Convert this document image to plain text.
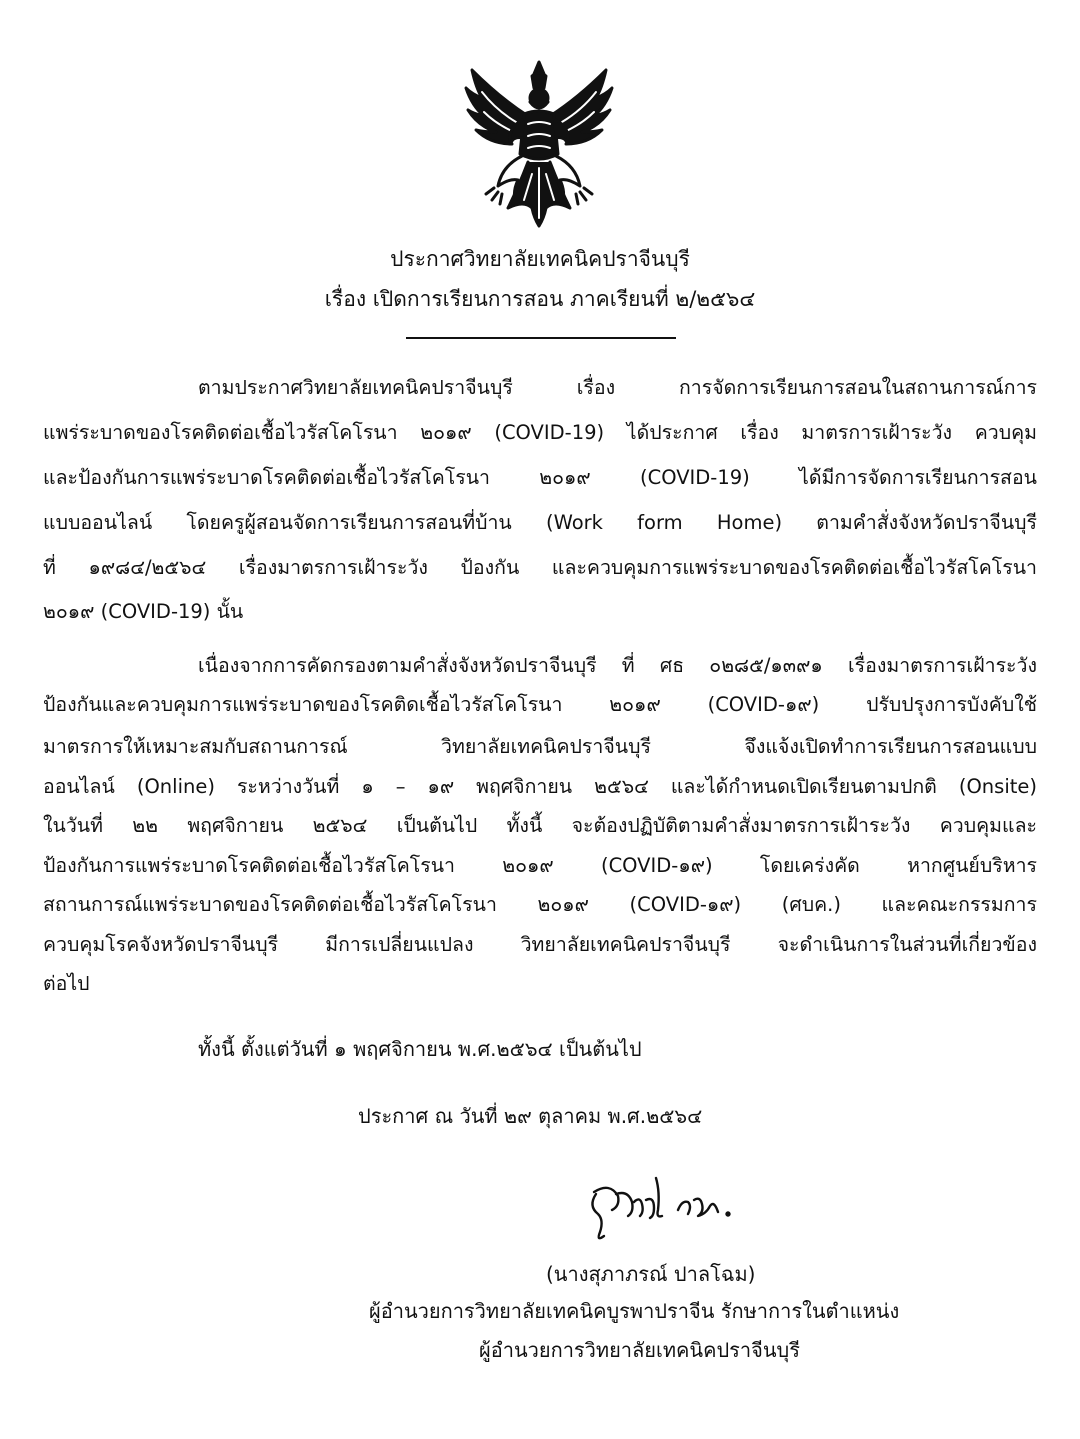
ประกาศวิทยาลัยเทคนิคปราจีนบุรี
เรื่อง เปิดการเรียนการสอน ภาคเรียนที่ ๒/๒๕๖๔
ตามประกาศวิทยาลัยเทคนิคปราจีนบุรี เรื่อง การจัดการเรียนการสอนในสถานการณ์การ
แพร่ระบาดของโรคติดต่อเชื้อไวรัสโคโรนา ๒๐๑๙ (COVID-19) ได้ประกาศ เรื่อง มาตรการเฝ้าระวัง ควบคุม
และป้องกันการแพร่ระบาดโรคติดต่อเชื้อไวรัสโคโรนา ๒๐๑๙ (COVID-19) ได้มีการจัดการเรียนการสอน
แบบออนไลน์ โดยครูผู้สอนจัดการเรียนการสอนที่บ้าน (Work form Home) ตามคำสั่งจังหวัดปราจีนบุรี
ที่ ๑๙๘๔/๒๕๖๔ เรื่องมาตรการเฝ้าระวัง ป้องกัน และควบคุมการแพร่ระบาดของโรคติดต่อเชื้อไวรัสโคโรนา
๒๐๑๙ (COVID-19) นั้น
เนื่องจากการคัดกรองตามคำสั่งจังหวัดปราจีนบุรี ที่ ศธ ๐๒๘๕/๑๓๙๑ เรื่องมาตรการเฝ้าระวัง
ป้องกันและควบคุมการแพร่ระบาดของโรคติดเชื้อไวรัสโคโรนา ๒๐๑๙ (COVID-๑๙) ปรับปรุงการบังคับใช้
มาตรการให้เหมาะสมกับสถานการณ์ วิทยาลัยเทคนิคปราจีนบุรี จึงแจ้งเปิดทำการเรียนการสอนแบบ
ออนไลน์ (Online) ระหว่างวันที่ ๑ – ๑๙ พฤศจิกายน ๒๕๖๔ และได้กำหนดเปิดเรียนตามปกติ (Onsite)
ในวันที่ ๒๒ พฤศจิกายน ๒๕๖๔ เป็นต้นไป ทั้งนี้ จะต้องปฏิบัติตามคำสั่งมาตรการเฝ้าระวัง ควบคุมและ
ป้องกันการแพร่ระบาดโรคติดต่อเชื้อไวรัสโคโรนา ๒๐๑๙ (COVID-๑๙) โดยเคร่งคัด หากศูนย์บริหาร
สถานการณ์แพร่ระบาดของโรคติดต่อเชื้อไวรัสโคโรนา ๒๐๑๙ (COVID-๑๙) (ศบค.) และคณะกรรมการ
ควบคุมโรคจังหวัดปราจีนบุรี มีการเปลี่ยนแปลง วิทยาลัยเทคนิคปราจีนบุรี จะดำเนินการในส่วนที่เกี่ยวข้อง
ต่อไป
ทั้งนี้ ตั้งแต่วันที่ ๑ พฤศจิกายน พ.ศ.๒๕๖๔ เป็นต้นไป
ประกาศ ณ วันที่ ๒๙ ตุลาคม พ.ศ.๒๕๖๔
(นางสุภาภรณ์ ปาลโฉม)
ผู้อำนวยการวิทยาลัยเทคนิคบูรพาปราจีน รักษาการในตำแหน่ง
ผู้อำนวยการวิทยาลัยเทคนิคปราจีนบุรี
